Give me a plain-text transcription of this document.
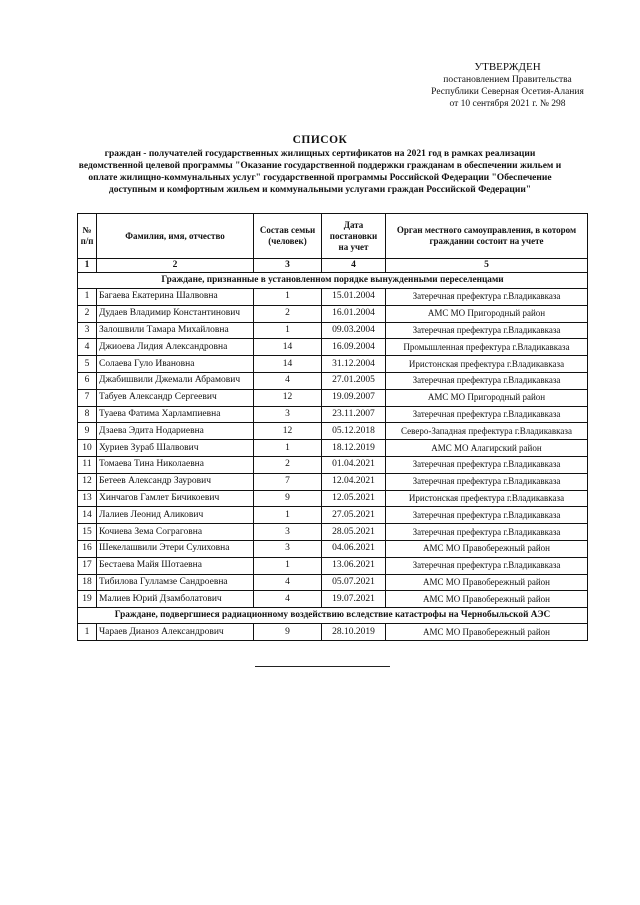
УТВЕРЖДЕН
постановлением Правительства
Республики Северная Осетия-Алания
от 10 сентября 2021 г. № 298
СПИСОК
граждан - получателей государственных жилищных сертификатов на 2021 год в рамках реализации ведомственной целевой программы "Оказание государственной поддержки гражданам в обеспечении жильем и оплате жилищно-коммунальных услуг" государственной программы Российской Федерации "Обеспечение доступным и комфортным жильем и коммунальными услугами граждан Российской Федерации"
№ п/п	Фамилия, имя, отчество	Состав семьи (человек)	Дата постановки на учет	Орган местного самоуправления, в котором граждании состоит на учете
1	2	3	4	5
Граждане, признанные в установленном порядке вынужденными переселенцами				
1	Багаева Екатерина Шалвовна	1	15.01.2004	Затеречная префектура г.Владикавказа
2	Дудаев Владимир Константинович	2	16.01.2004	АМС МО Пригородный район
3	Залошвили Тамара Михайловна	1	09.03.2004	Затеречная префектура г.Владикавказа
4	Джиоева Лидия Александровна	14	16.09.2004	Промышленная префектура г.Владикавказа
5	Солаева Гуло Ивановна	14	31.12.2004	Иристонская префектура г.Владикавказа
6	Джабишвили Джемали Абрамович	4	27.01.2005	Затеречная префектура г.Владикавказа
7	Табуев Александр Сергеевич	12	19.09.2007	АМС МО Пригородный район
8	Туаева Фатима Харлампиевна	3	23.11.2007	Затеречная префектура г.Владикавказа
9	Дзаева Эдита Нодариевна	12	05.12.2018	Северо-Западная префектура г.Владикавказа
10	Хуриев Зураб Шалвович	1	18.12.2019	АМС МО Алагирский район
11	Томаева Тина Николаевна	2	01.04.2021	Затеречная префектура г.Владикавказа
12	Бетеев Александр Заурович	7	12.04.2021	Затеречная префектура г.Владикавказа
13	Хинчагов Гамлет Бичикоевич	9	12.05.2021	Иристонская префектура г.Владикавказа
14	Лалиев Леонид Аликович	1	27.05.2021	Затеречная префектура г.Владикавказа
15	Кочиева Зема Сограговна	3	28.05.2021	Затеречная префектура г.Владикавказа
16	Шекелашвили Этери Сулиховна	3	04.06.2021	АМС МО Правобережный район
17	Бестаева Майя Шотаевна	1	13.06.2021	Затеречная префектура г.Владикавказа
18	Тибилова Гулламзе Сандроевна	4	05.07.2021	АМС МО Правобережный район
19	Малиев Юрий Дзамболатович	4	19.07.2021	АМС МО Правобережный район
Граждане, подвергшиеся радиационному воздействию вследствие катастрофы на Чернобыльской АЭС				
1	Чараев Дианоз Александрович	9	28.10.2019	АМС МО Правобережный район
